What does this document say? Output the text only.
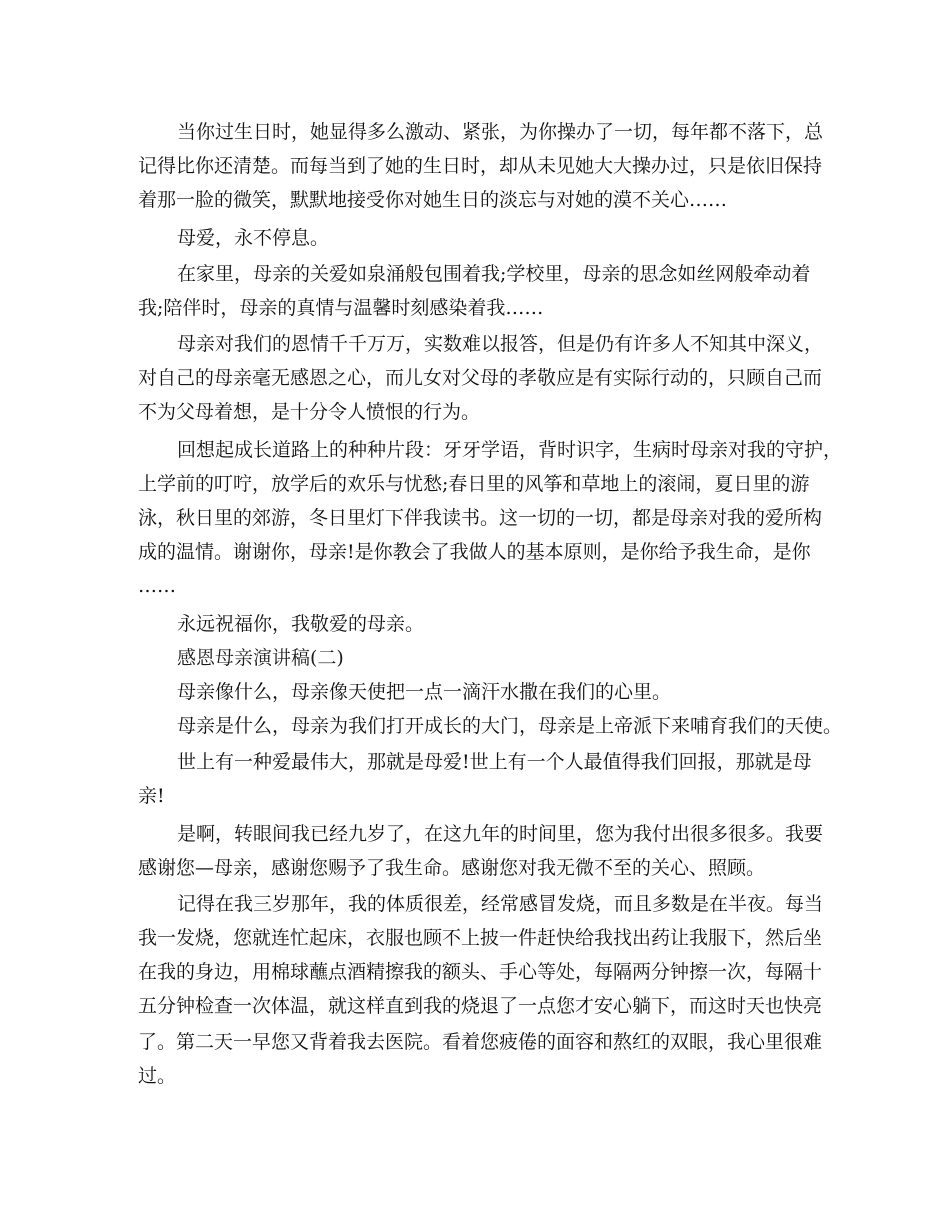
当你过生日时，她显得多么激动、紧张，为你操办了一切，每年都不落下，总
记得比你还清楚。而每当到了她的生日时，却从未见她大大操办过，只是依旧保持
着那一脸的微笑，默默地接受你对她生日的淡忘与对她的漠不关心……
母爱，永不停息。
在家里，母亲的关爱如泉涌般包围着我;学校里，母亲的思念如丝网般牵动着
我;陪伴时，母亲的真情与温馨时刻感染着我……
母亲对我们的恩情千千万万，实数难以报答，但是仍有许多人不知其中深义，
对自己的母亲毫无感恩之心，而儿女对父母的孝敬应是有实际行动的，只顾自己而
不为父母着想，是十分令人愤恨的行为。
回想起成长道路上的种种片段：牙牙学语，背时识字，生病时母亲对我的守护，
上学前的叮咛，放学后的欢乐与忧愁;春日里的风筝和草地上的滚闹，夏日里的游
泳，秋日里的郊游，冬日里灯下伴我读书。这一切的一切，都是母亲对我的爱所构
成的温情。谢谢你，母亲!是你教会了我做人的基本原则，是你给予我生命，是你
……
永远祝福你，我敬爱的母亲。
感恩母亲演讲稿(二)
母亲像什么，母亲像天使把一点一滴汗水撒在我们的心里。
母亲是什么，母亲为我们打开成长的大门，母亲是上帝派下来哺育我们的天使。
世上有一种爱最伟大，那就是母爱!世上有一个人最值得我们回报，那就是母
亲!
是啊，转眼间我已经九岁了，在这九年的时间里，您为我付出很多很多。我要
感谢您—母亲，感谢您赐予了我生命。感谢您对我无微不至的关心、照顾。
记得在我三岁那年，我的体质很差，经常感冒发烧，而且多数是在半夜。每当
我一发烧，您就连忙起床，衣服也顾不上披一件赶快给我找出药让我服下，然后坐
在我的身边，用棉球蘸点酒精擦我的额头、手心等处，每隔两分钟擦一次，每隔十
五分钟检查一次体温，就这样直到我的烧退了一点您才安心躺下，而这时天也快亮
了。第二天一早您又背着我去医院。看着您疲倦的面容和熬红的双眼，我心里很难
过。
